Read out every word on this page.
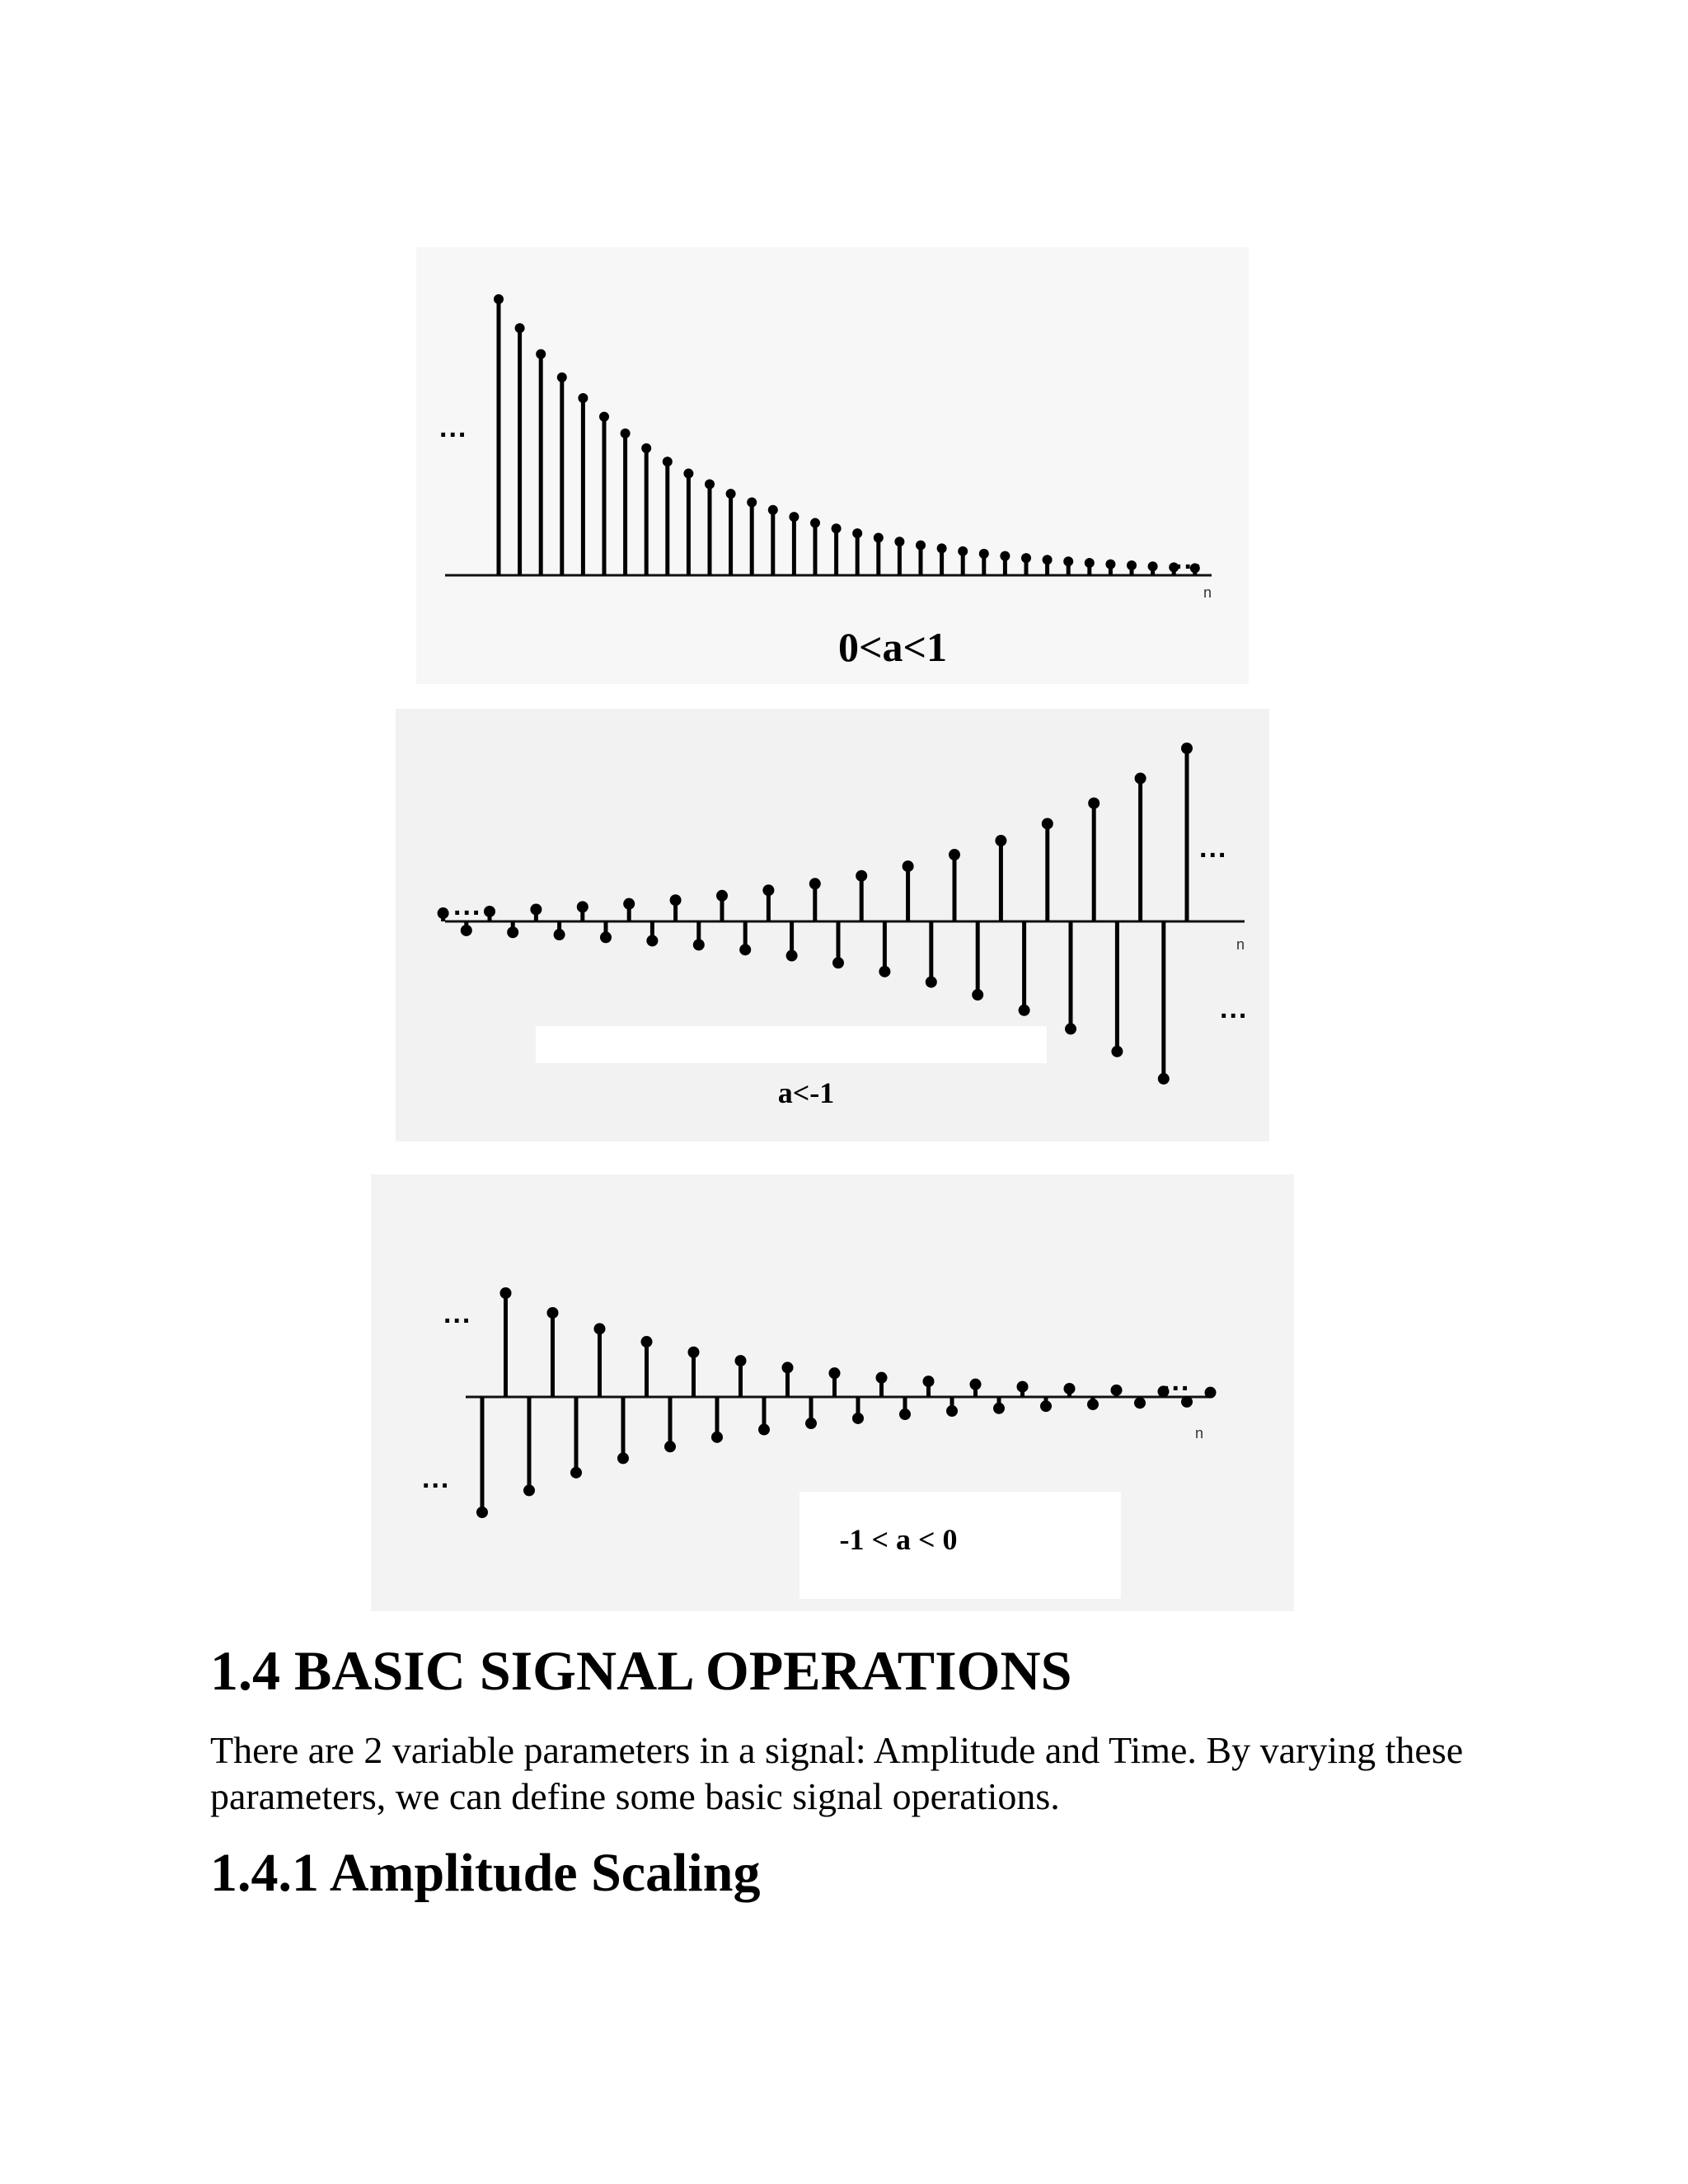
n
...
...
0<a<1
n
...
...
...
a<-1
n
...
...
...
-1 < a < 0
1.4 BASIC SIGNAL OPERATIONS

There are 2 variable parameters in a signal: Amplitude and Time. By varying these parameters, we can define some basic signal operations.

1.4.1 Amplitude Scaling
